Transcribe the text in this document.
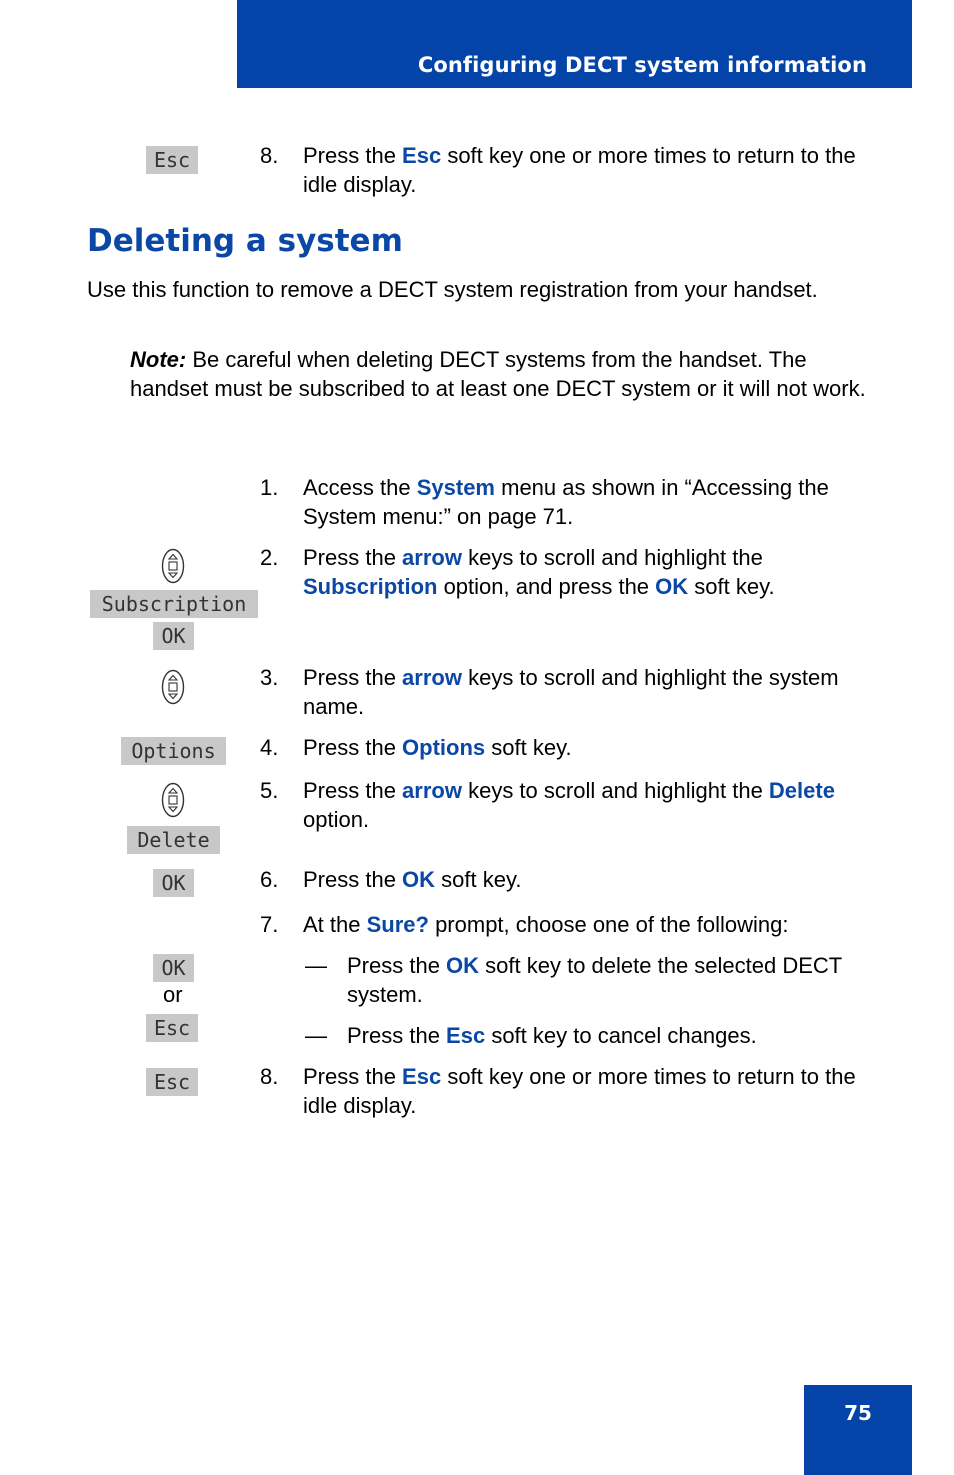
Configuring DECT system information
Esc	8. Press the Esc soft key one or more times to return to the idle display.
Deleting a system
Use this function to remove a DECT system registration from your handset.
Note: Be careful when deleting DECT systems from the handset. The handset must be subscribed to at least one DECT system or it will not work.
1. Access the System menu as shown in “Accessing the System menu:” on page 71.
Subscription
OK
2. Press the arrow keys to scroll and highlight the Subscription option, and press the OK soft key.
3. Press the arrow keys to scroll and highlight the system name.
Options	4. Press the Options soft key.
Delete
5. Press the arrow keys to scroll and highlight the Delete option.
OK	6. Press the OK soft key.
7. At the Sure? prompt, choose one of the following:
OK
or
Esc
— Press the OK soft key to delete the selected DECT system.
— Press the Esc soft key to cancel changes.
Esc	8. Press the Esc soft key one or more times to return to the idle display.
75
